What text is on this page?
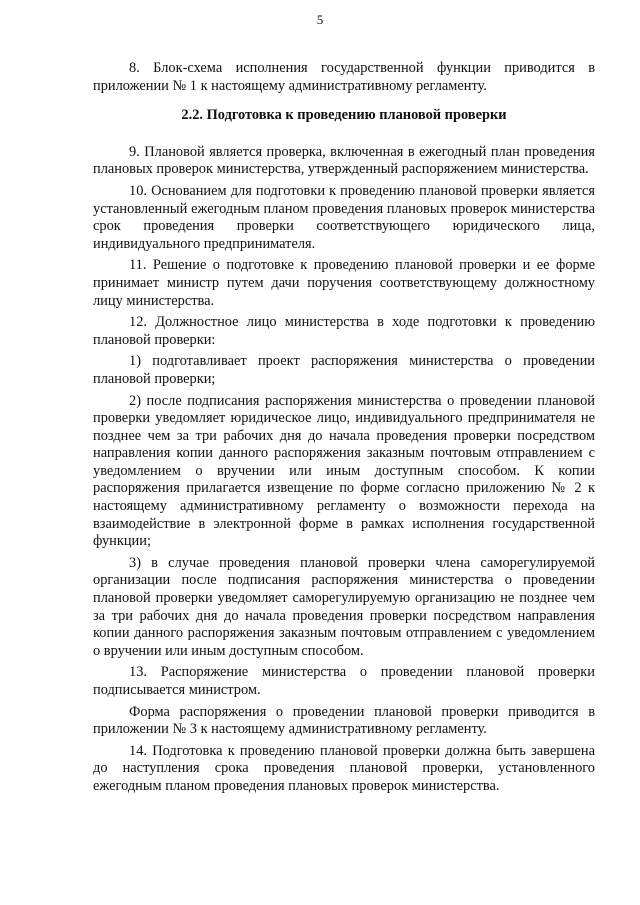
5

8. Блок-схема исполнения государственной функции приводится в приложении № 1 к настоящему административному регламенту.

2.2. Подготовка к проведению плановой проверки

9. Плановой является проверка, включенная в ежегодный план проведения плановых проверок министерства, утвержденный распоряжением министерства.

10. Основанием для подготовки к проведению плановой проверки является установленный ежегодным планом проведения плановых проверок министерства срок проведения проверки соответствующего юридического лица, индивидуального предпринимателя.

11. Решение о подготовке к проведению плановой проверки и ее форме принимает министр путем дачи поручения соответствующему должностному лицу министерства.

12. Должностное лицо министерства в ходе подготовки к проведению плановой проверки:

1) подготавливает проект распоряжения министерства о проведении плановой проверки;

2) после подписания распоряжения министерства о проведении плановой проверки уведомляет юридическое лицо, индивидуального предпринимателя не позднее чем за три рабочих дня до начала проведения проверки посредством направления копии данного распоряжения заказным почтовым отправлением с уведомлением о вручении или иным доступным способом. К копии распоряжения прилагается извещение по форме согласно приложению № 2 к настоящему административному регламенту о возможности перехода на взаимодействие в электронной форме в рамках исполнения государственной функции;

3) в случае проведения плановой проверки члена саморегулируемой организации после подписания распоряжения министерства о проведении плановой проверки уведомляет саморегулируемую организацию не позднее чем за три рабочих дня до начала проведения проверки посредством направления копии данного распоряжения заказным почтовым отправлением с уведомлением о вручении или иным доступным способом.

13. Распоряжение министерства о проведении плановой проверки подписывается министром.

Форма распоряжения о проведении плановой проверки приводится в приложении № 3 к настоящему административному регламенту.

14. Подготовка к проведению плановой проверки должна быть завершена до наступления срока проведения плановой проверки, установленного ежегодным планом проведения плановых проверок министерства.
